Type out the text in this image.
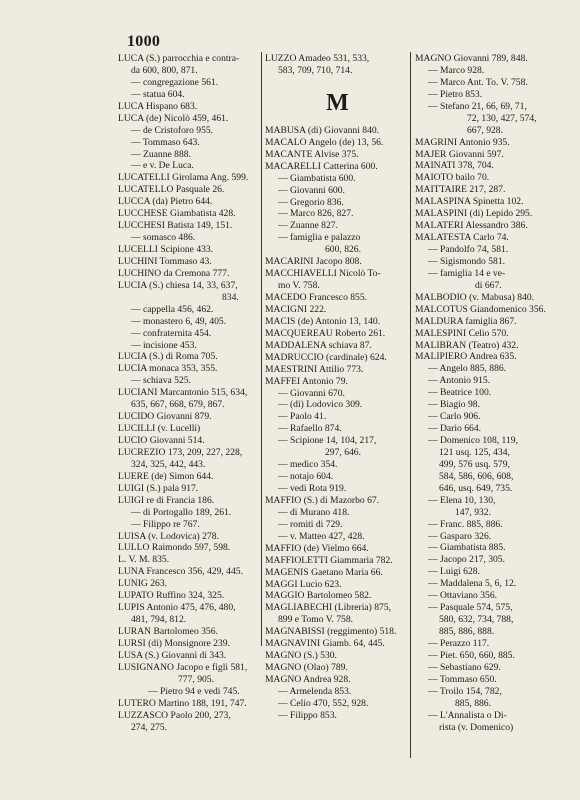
1000
LUCA (S.) parrocchia e contra-
da 600, 800, 871.
— congregazione 561.
— statua 604.
LUCA Hispano 683.
LUCA (de) Nicolò 459, 461.
— de Cristoforo 955.
— Tommaso 643.
— Zuanne 888.
— e v. De Luca.
LUCATELLI Girolama Ang. 599.
LUCATELLO Pasquale 26.
LUCCA (da) Pietro 644.
LUCCHESE Giambatista 428.
LUCCHESI Batista 149, 151.
— somasco 486.
LUCELLI Scipione 433.
LUCHINI Tommaso 43.
LUCHINO da Cremona 777.
LUCIA (S.) chiesa 14, 33, 637,
834.
— cappella 456, 462.
— monastero 6, 49, 405.
— confraternita 454.
— incisione 453.
LUCIA (S.) di Roma 705.
LUCIA monaca 353, 355.
— schiava 525.
LUCIANI Marcantonio 515, 634,
635, 667, 668, 679, 867.
LUCIDO Giovanni 879.
LUCILLI (v. Lucelli)
LUCIO Giovanni 514.
LUCREZIO 173, 209, 227, 228,
324, 325, 442, 443.
LUERE (de) Simon 644.
LUIGI (S.) pala 917.
LUIGI re di Francia 186.
— di Portogallo 189, 261.
— Filippo re 767.
LUISA (v. Lodovica) 278.
LULLO Raimondo 597, 598.
L. V. M. 835.
LUNA Francesco 356, 429, 445.
LUNIG 263.
LUPATO Ruffino 324, 325.
LUPIS Antonio 475, 476, 480,
481, 794, 812.
LURAN Bartolomeo 356.
LURSI (di) Monsignore 239.
LUSA (S.) Giovanni di 343.
LUSIGNANO Jacopo e figli 581,
777, 905.
— Pietro 94 e vedi 745.
LUTERO Martino 188, 191, 747.
LUZZASCO Paolo 200, 273,
274, 275.
LUZZO Amadeo 531, 533,
583, 709, 710, 714.
M
MABUSA (di) Giovanni 840.
MACALO Angelo (de) 13, 56.
MACANTE Alvise 375.
MACARELLI Catterina 600.
— Giambatista 600.
— Giovanni 600.
— Gregorio 836.
— Marco 826, 827.
— Zuanne 827.
— famiglia e palazzo
600, 826.
MACARINI Jacopo 808.
MACCHIAVELLI Nicolò To-
mo V. 758.
MACEDO Francesco 855.
MACIGNI 222.
MACIS (de) Antonio 13, 140.
MACQUEREAU Roberto 261.
MADDALENA schiava 87.
MADRUCCIO (cardinale) 624.
MAESTRINI Attilio 773.
MAFFEI Antonio 79.
— Giovanni 670.
— (di) Lodovico 309.
— Paolo 41.
— Rafaello 874.
— Scipione 14, 104, 217,
297, 646.
— medico 354.
— notajo 604.
— vedi Rota 919.
MAFFIO (S.) di Mazorbo 67.
— di Murano 418.
— romiti di 729.
— v. Matteo 427, 428.
MAFFIO (de) Vielmo 664.
MAFFIOLETTI Giammaria 782.
MAGENIS Gaetano Maria 66.
MAGGI Lucio 623.
MAGGIO Bartolomeo 582.
MAGLIABECHI (Libreria) 875,
899 e Tomo V. 758.
MAGNABISSI (reggimento) 518.
MAGNAVINI Giamb. 64, 445.
MAGNO (S.) 530.
MAGNO (Olao) 789.
MAGNO Andrea 928.
— Armelenda 853.
— Celio 470, 552, 928.
— Filippo 853.
MAGNO Giovanni 789, 848.
— Marco 928.
— Marco Ant. To. V. 758.
— Pietro 853.
— Stefano 21, 66, 69, 71,
72, 130, 427, 574,
667, 928.
MAGRINI Antonio 935.
MAJER Giovanni 597.
MAINATI 378, 704.
MAIOTO bailo 70.
MAITTAIRE 217, 287.
MALASPINA Spinetta 102.
MALASPINI (di) Lepido 295.
MALATERI Alessandro 386.
MALATESTA Carlo 74.
— Pandolfo 74, 581.
— Sigismondo 581.
— famiglia 14 e ve-
di 667.
MALBODIO (v. Mabusa) 840.
MALCOTUS Giandomenico 356.
MALDURA famiglia 867.
MALESPINI Celio 570.
MALIBRAN (Teatro) 432.
MALIPIERO Andrea 635.
— Angelo 885, 886.
— Antonio 915.
— Beatrice 100.
— Biagio 98.
— Carlo 906.
— Dario 664.
— Domenico 108, 119,
121 usq. 125, 434,
499, 576 usq. 579,
584, 586, 606, 608,
646, usq. 649, 735.
— Elena 10, 130,
147, 932.
— Franc. 885, 886.
— Gasparo 326.
— Giambatista 885.
— Jacopo 217, 305.
— Luigi 628.
— Maddalena 5, 6, 12.
— Ottaviano 356.
— Pasquale 574, 575,
580, 632, 734, 788,
885, 886, 888.
— Perazzo 117.
— Piet. 650, 660, 885.
— Sebastiano 629.
— Tommaso 650.
— Troilo 154, 782,
885, 886.
— L'Annalista o Di-
rista (v. Domenico)
